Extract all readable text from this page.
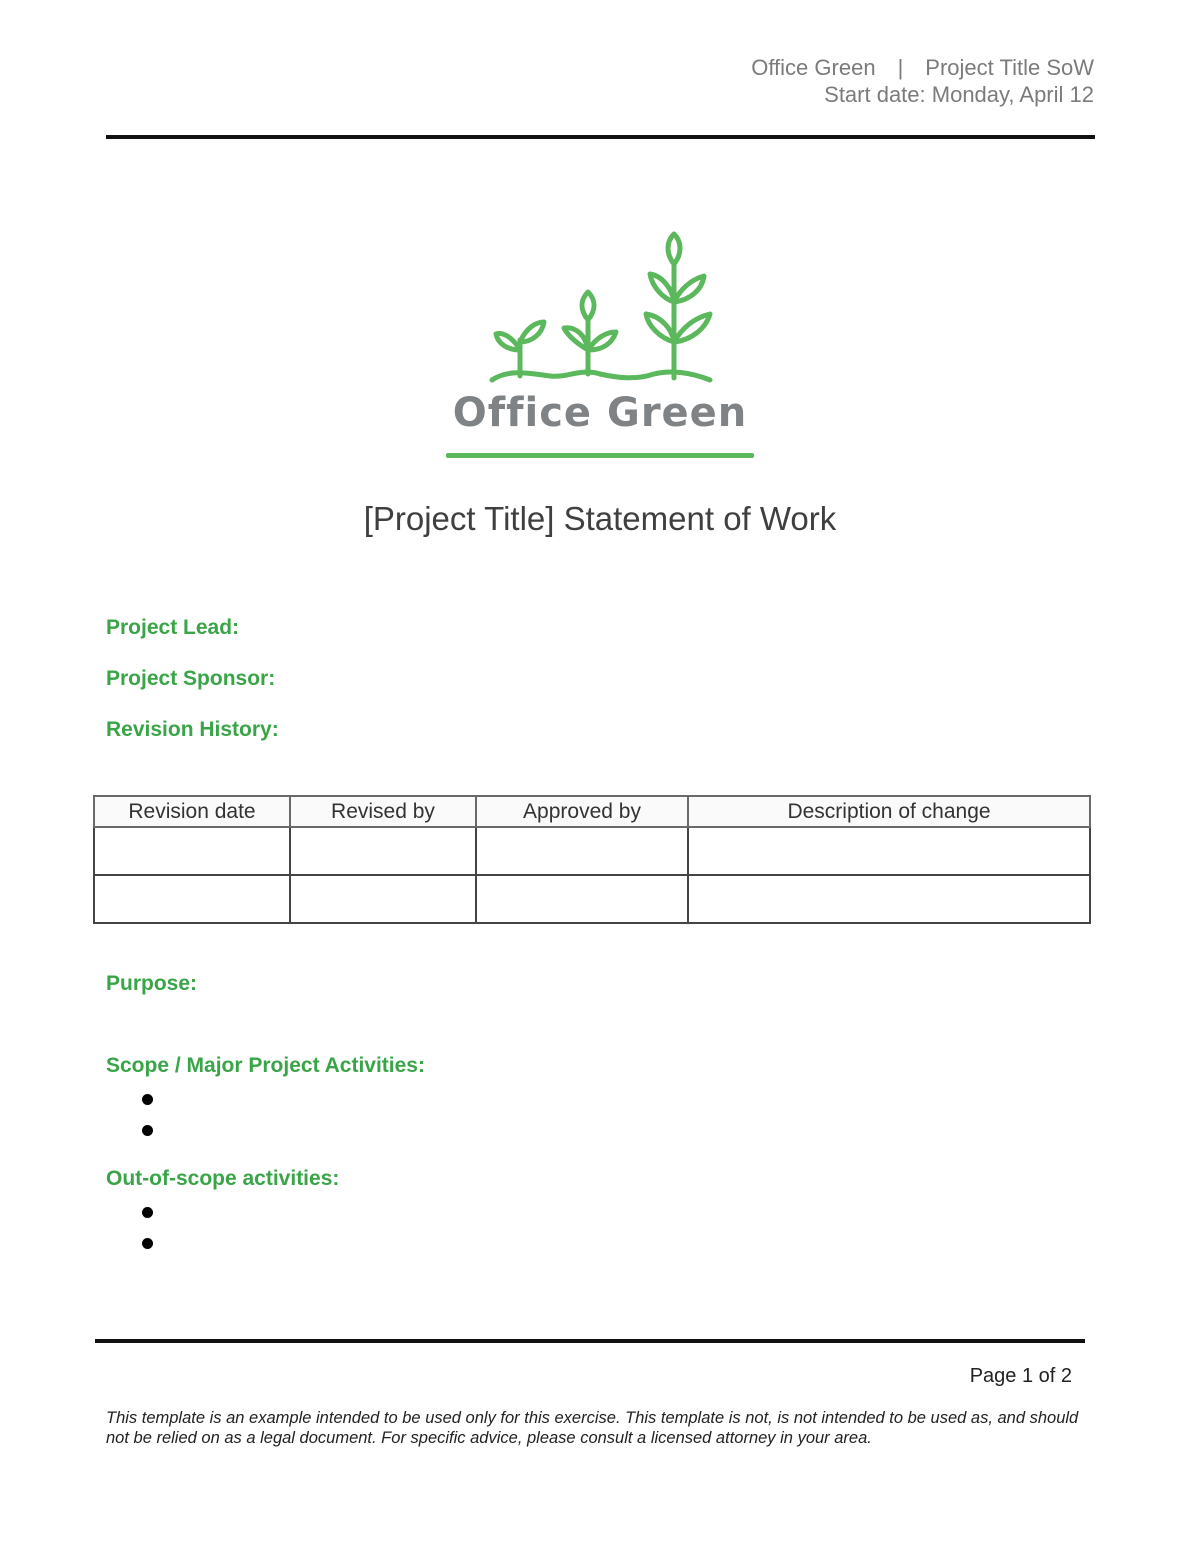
Office Green | Project Title SoW
Start date: Monday, April 12
Office Green
[Project Title] Statement of Work
Project Lead:
Project Sponsor:
Revision History:
Revision date	Revised by	Approved by	Description of change

Purpose:
Scope / Major Project Activities:
Out-of-scope activities:
Page 1 of 2
This template is an example intended to be used only for this exercise. This template is not, is not intended to be used as, and should not be relied on as a legal document. For specific advice, please consult a licensed attorney in your area.
